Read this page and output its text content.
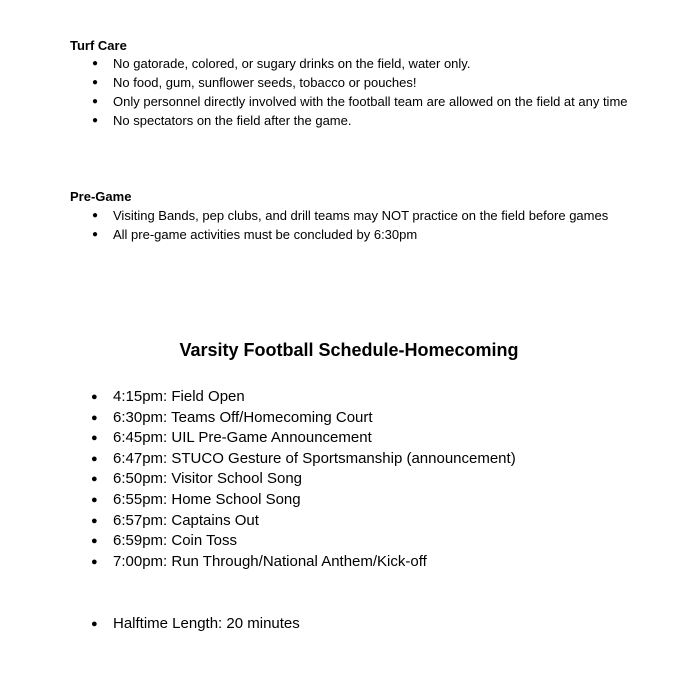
Turf Care
● No gatorade, colored, or sugary drinks on the field, water only.
● No food, gum, sunflower seeds, tobacco or pouches!
● Only personnel directly involved with the football team are allowed on the field at any time
● No spectators on the field after the game.
Pre-Game
● Visiting Bands, pep clubs, and drill teams may NOT practice on the field before games
● All pre-game activities must be concluded by 6:30pm
Varsity Football Schedule-Homecoming
● 4:15pm: Field Open
● 6:30pm: Teams Off/Homecoming Court
● 6:45pm: UIL Pre-Game Announcement
● 6:47pm: STUCO Gesture of Sportsmanship (announcement)
● 6:50pm: Visitor School Song
● 6:55pm: Home School Song
● 6:57pm: Captains Out
● 6:59pm: Coin Toss
● 7:00pm: Run Through/National Anthem/Kick-off
● Halftime Length: 20 minutes
